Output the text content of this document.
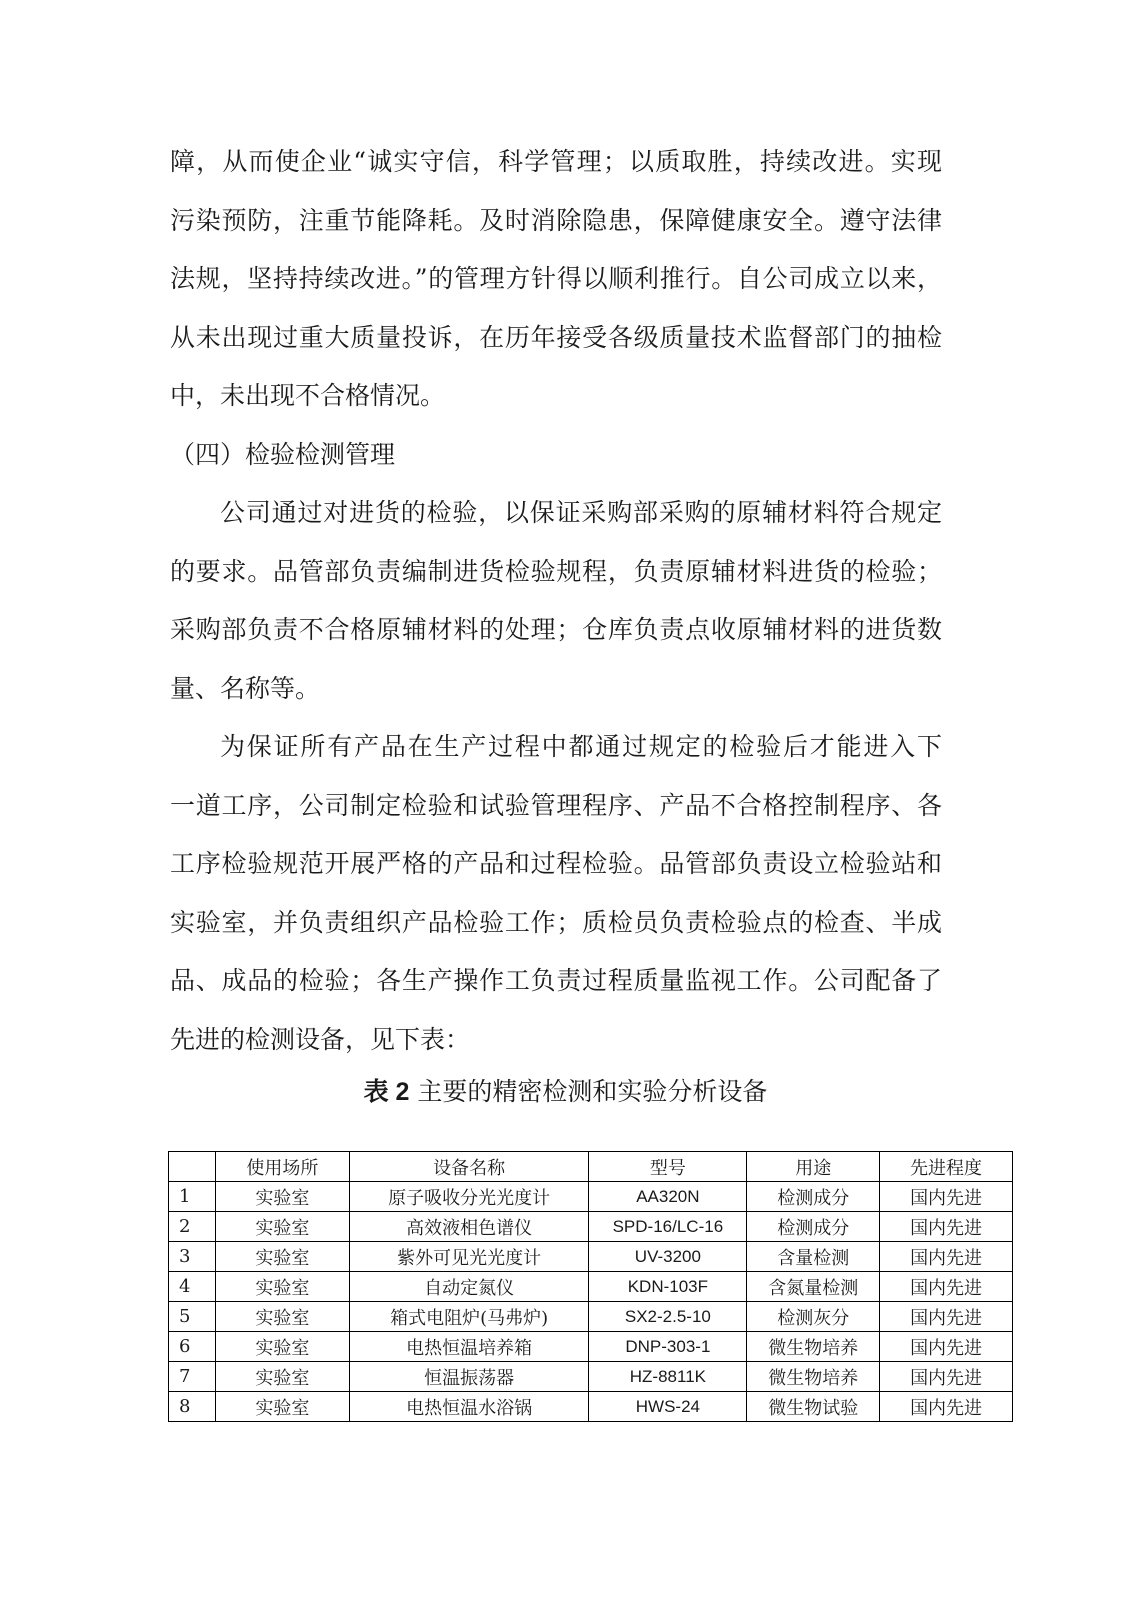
障，从而使企业“诚实守信，科学管理；以质取胜，持续改进。实现
污染预防，注重节能降耗。及时消除隐患，保障健康安全。遵守法律
法规，坚持持续改进。”的管理方针得以顺利推行。自公司成立以来，
从未出现过重大质量投诉，在历年接受各级质量技术监督部门的抽检
中，未出现不合格情况。
（四）检验检测管理
公司通过对进货的检验，以保证采购部采购的原辅材料符合规定
的要求。品管部负责编制进货检验规程，负责原辅材料进货的检验；
采购部负责不合格原辅材料的处理；仓库负责点收原辅材料的进货数
量、名称等。
为保证所有产品在生产过程中都通过规定的检验后才能进入下
一道工序，公司制定检验和试验管理程序、产品不合格控制程序、各
工序检验规范开展严格的产品和过程检验。品管部负责设立检验站和
实验室，并负责组织产品检验工作；质检员负责检验点的检查、半成
品、成品的检验；各生产操作工负责过程质量监视工作。公司配备了
先进的检测设备，见下表：
表 2 主要的精密检测和实验分析设备
	使用场所	设备名称	型号	用途	先进程度
1	实验室	原子吸收分光光度计	AA320N	检测成分	国内先进
2	实验室	高效液相色谱仪	SPD-16/LC-16	检测成分	国内先进
3	实验室	紫外可见光光度计	UV-3200	含量检测	国内先进
4	实验室	自动定氮仪	KDN-103F	含氮量检测	国内先进
5	实验室	箱式电阻炉(马弗炉)	SX2-2.5-10	检测灰分	国内先进
6	实验室	电热恒温培养箱	DNP-303-1	微生物培养	国内先进
7	实验室	恒温振荡器	HZ-8811K	微生物培养	国内先进
8	实验室	电热恒温水浴锅	HWS-24	微生物试验	国内先进
